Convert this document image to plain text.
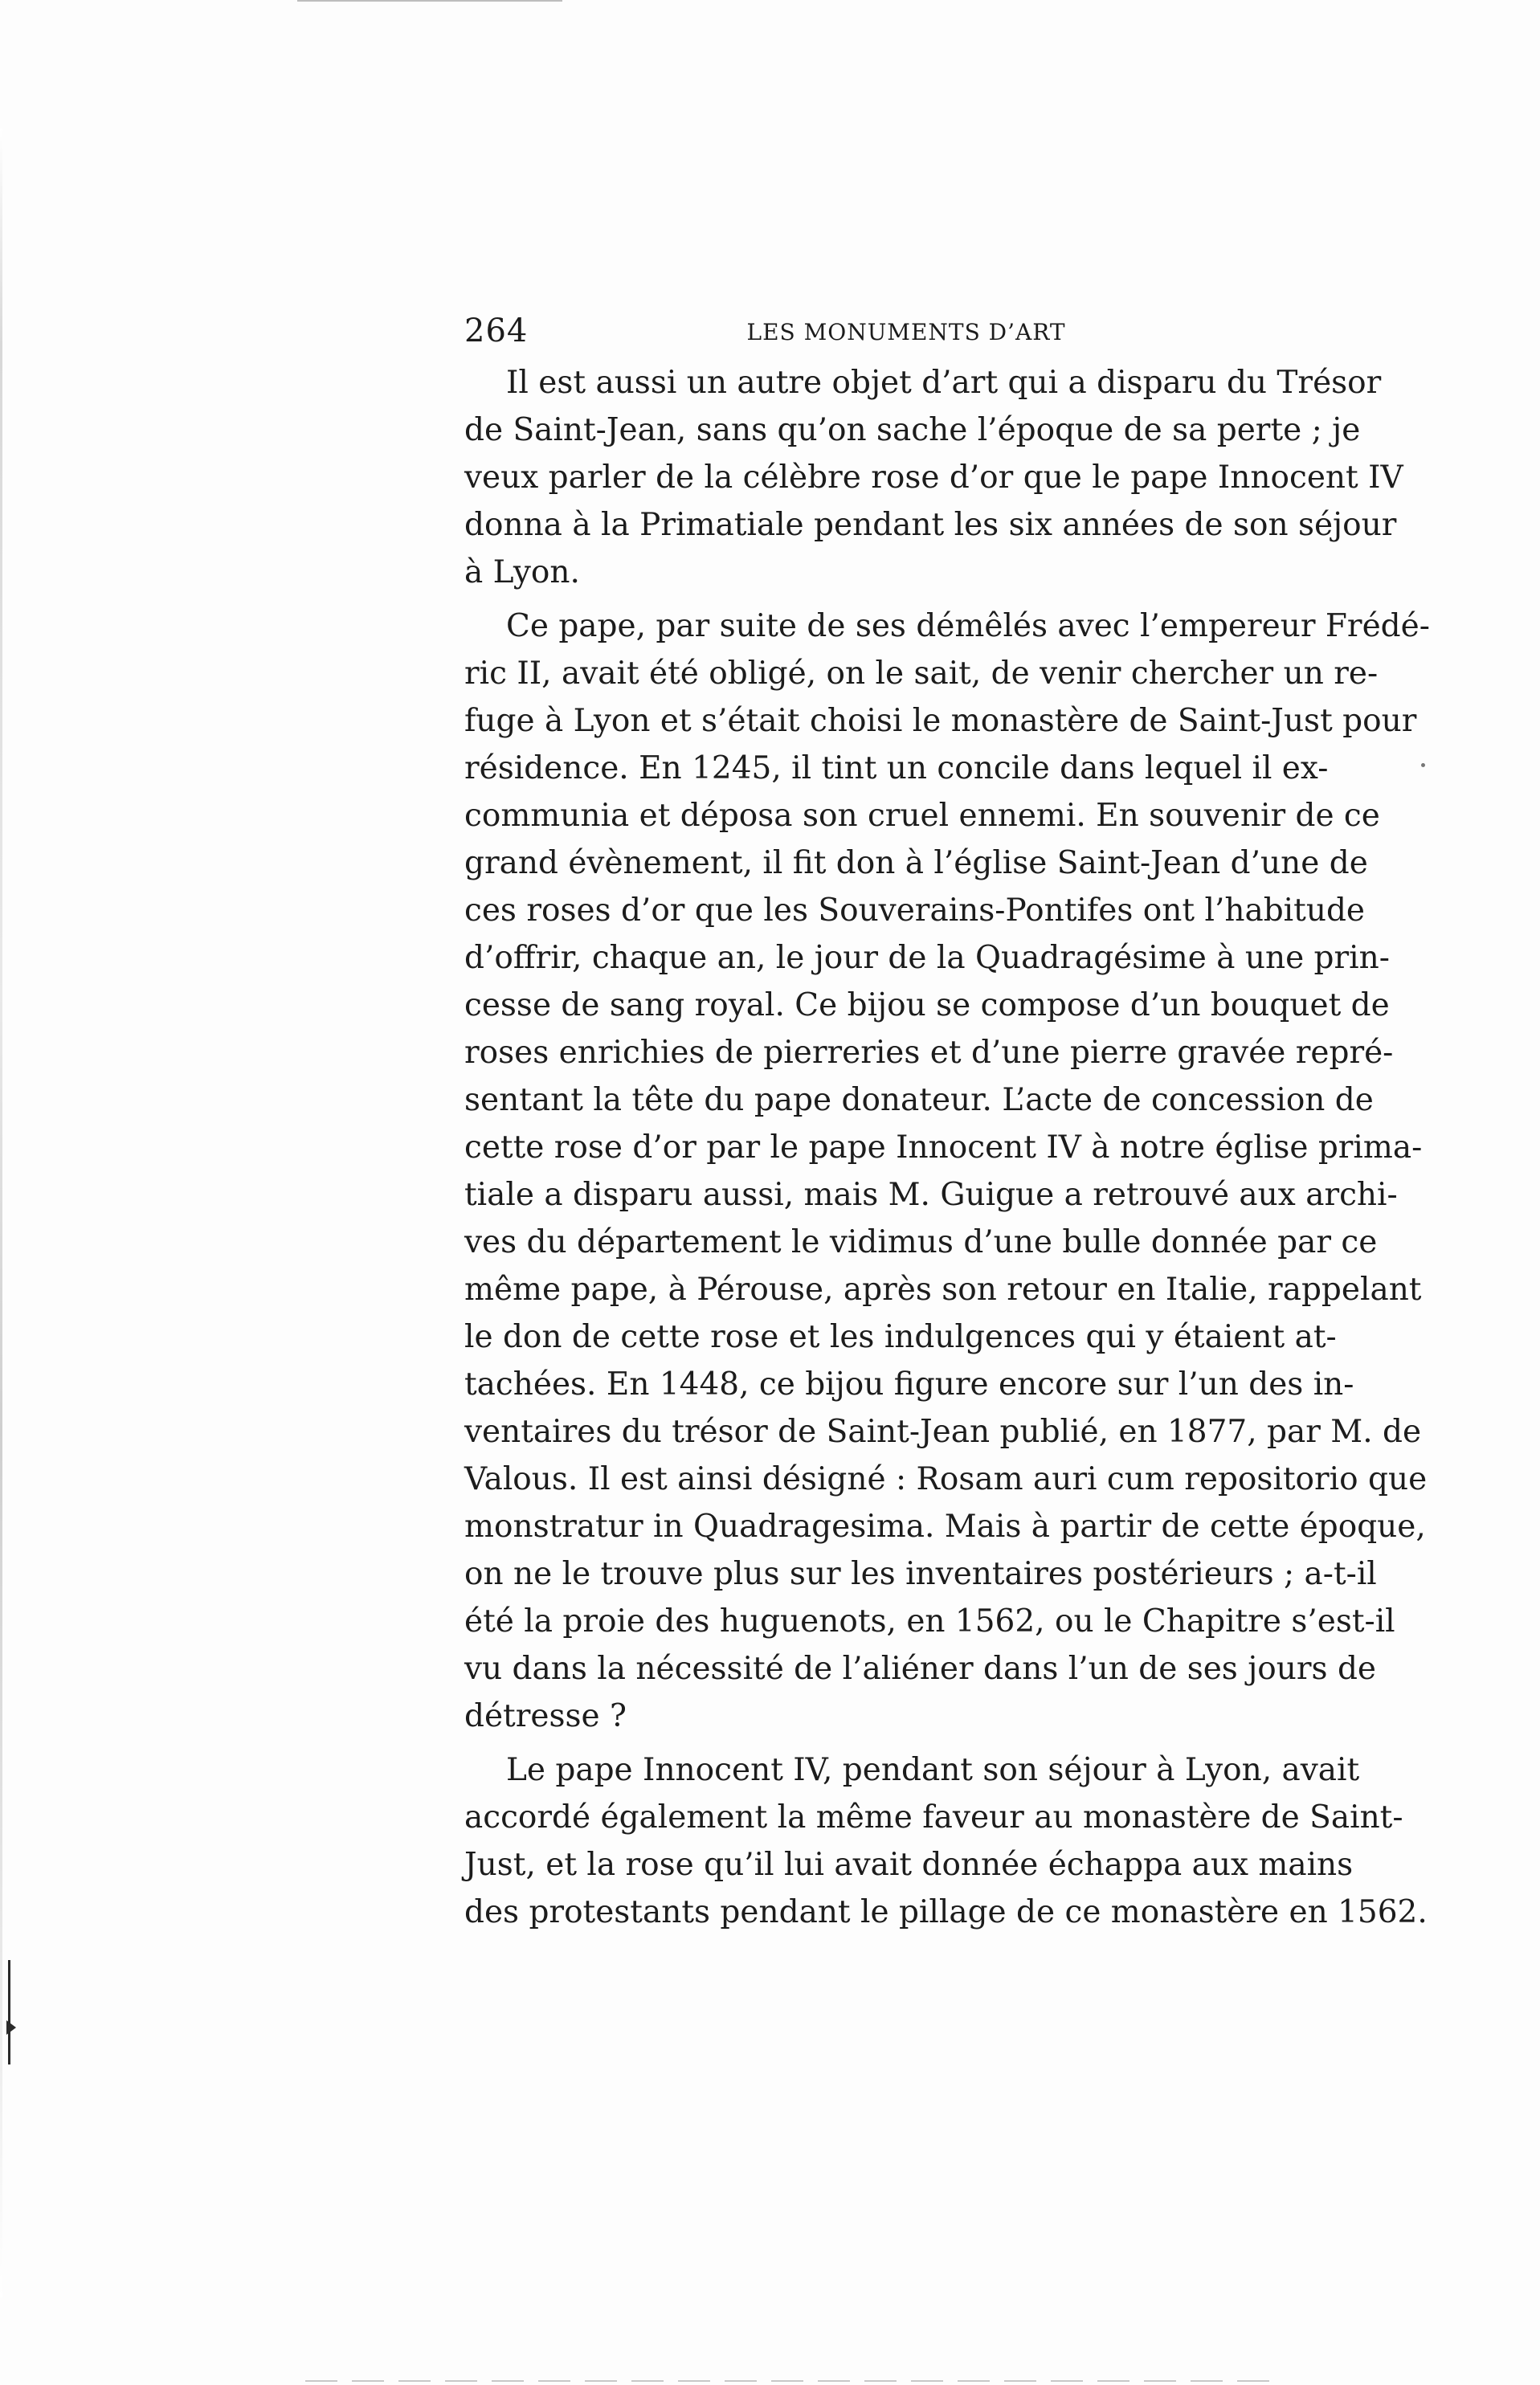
264	LES MONUMENTS D’ART
Il est aussi un autre objet d’art qui a disparu du Trésor
de Saint-Jean, sans qu’on sache l’époque de sa perte ; je
veux parler de la célèbre rose d’or que le pape Innocent IV
donna à la Primatiale pendant les six années de son séjour
à Lyon.
Ce pape, par suite de ses démêlés avec l’empereur Frédé-
ric II, avait été obligé, on le sait, de venir chercher un re-
fuge à Lyon et s’était choisi le monastère de Saint-Just pour
résidence. En 1245, il tint un concile dans lequel il ex-
communia et déposa son cruel ennemi. En souvenir de ce
grand évènement, il fit don à l’église Saint-Jean d’une de
ces roses d’or que les Souverains-Pontifes ont l’habitude
d’offrir, chaque an, le jour de la Quadragésime à une prin-
cesse de sang royal. Ce bijou se compose d’un bouquet de
roses enrichies de pierreries et d’une pierre gravée repré-
sentant la tête du pape donateur. L’acte de concession de
cette rose d’or par le pape Innocent IV à notre église prima-
tiale a disparu aussi, mais M. Guigue a retrouvé aux archi-
ves du département le vidimus d’une bulle donnée par ce
même pape, à Pérouse, après son retour en Italie, rappelant
le don de cette rose et les indulgences qui y étaient at-
tachées. En 1448, ce bijou figure encore sur l’un des in-
ventaires du trésor de Saint-Jean publié, en 1877, par M. de
Valous. Il est ainsi désigné : Rosam auri cum repositorio que
monstratur in Quadragesima. Mais à partir de cette époque,
on ne le trouve plus sur les inventaires postérieurs ; a-t-il
été la proie des huguenots, en 1562, ou le Chapitre s’est-il
vu dans la nécessité de l’aliéner dans l’un de ses jours de
détresse ?
Le pape Innocent IV, pendant son séjour à Lyon, avait
accordé également la même faveur au monastère de Saint-
Just, et la rose qu’il lui avait donnée échappa aux mains
des protestants pendant le pillage de ce monastère en 1562.
